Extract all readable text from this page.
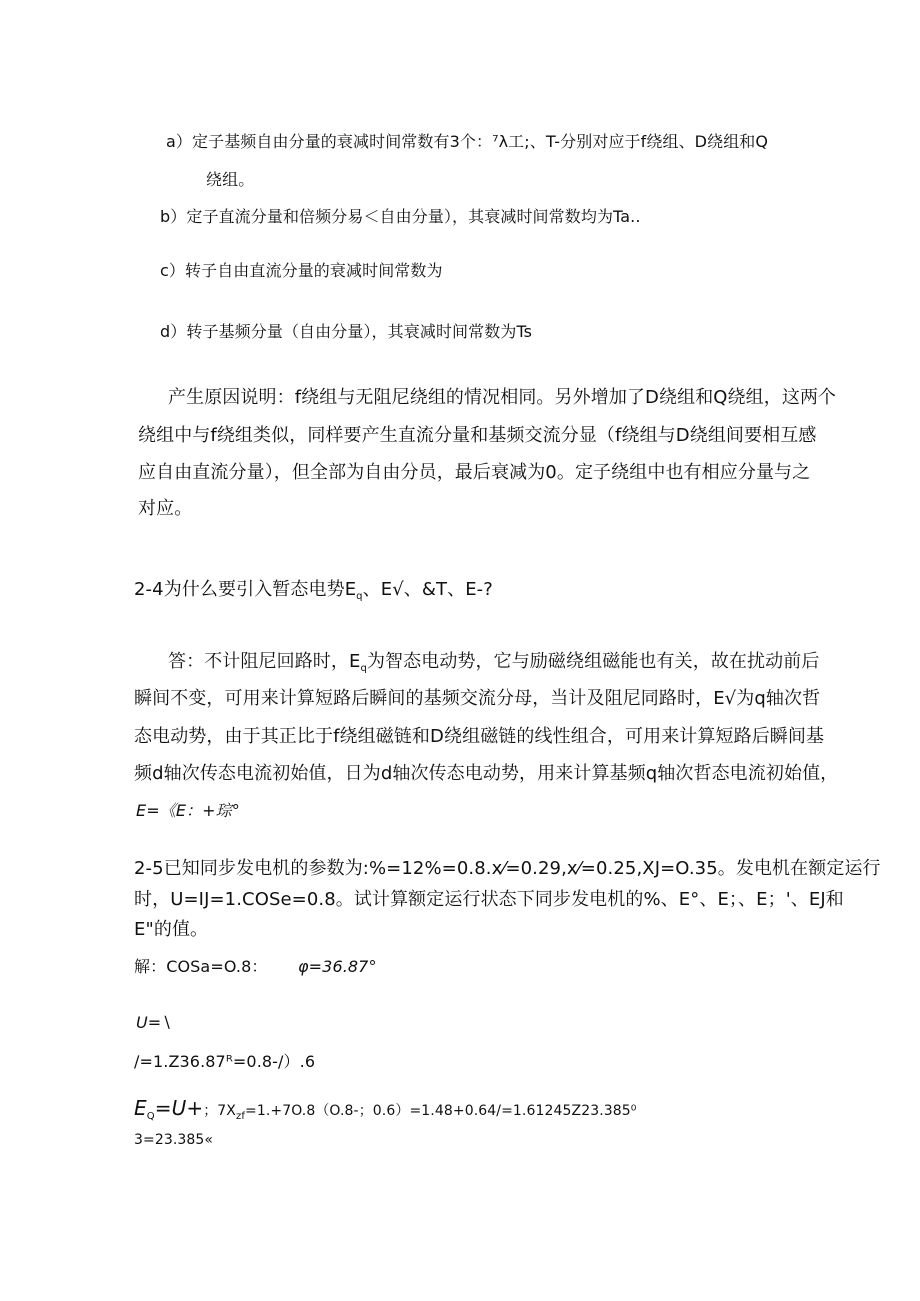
a）定子基频自由分量的衰减时间常数有3个：⁷λ工;、T-分别对应于f绕组、D绕组和Q
绕组。
b）定子直流分量和倍频分易＜自由分量），其衰减时间常数均为Ta..
c）转子自由直流分量的衰减时间常数为
d）转子基频分量（自由分量），其衰减时间常数为Ts
产生原因说明：f绕组与无阻尼绕组的情况相同。另外增加了D绕组和Q绕组，这两个
绕组中与f绕组类似，同样要产生直流分量和基频交流分显（f绕组与D绕组间要相互感
应自由直流分量），但全部为自由分员，最后衰减为0。定子绕组中也有相应分量与之
对应。
2-4为什么要引入暂态电势$E_q$、E√、&T、E-?
答：不计阻尼回路时，$E_q$为智态电动势，它与励磁绕组磁能也有关，故在扰动前后
瞬间不变，可用来计算短路后瞬间的基频交流分母，当计及阻尼同路时，E√为q轴次哲
态电动势，由于其正比于f绕组磁链和D绕组磁链的线性组合，可用来计算短路后瞬间基
频d轴次传态电流初始值，日为d轴次传态电动势，用来计算基频q轴次哲态电流初始值，
E=《E：+琮°
2-5已知同步发电机的参数为:%=12%=0.8.x⁄=0.29,x⁄=0.25,XJ=O.35。发电机在额定运行
时，U=IJ=1.COSe=0.8。试计算额定运行状态下同步发电机的%、E°、E；、E；'、EJ和
E"的值。
解：COSa=O.8： φ=36.87°
U=∖
∕=1.Z36.87ᴿ=0.8-/）.6
$E_Q=U+$；$7X_{zf}=1.+7O.8(O.8-$；0.6）=1.48+0.64/=1.61245Z23.385⁰
3=23.385«
